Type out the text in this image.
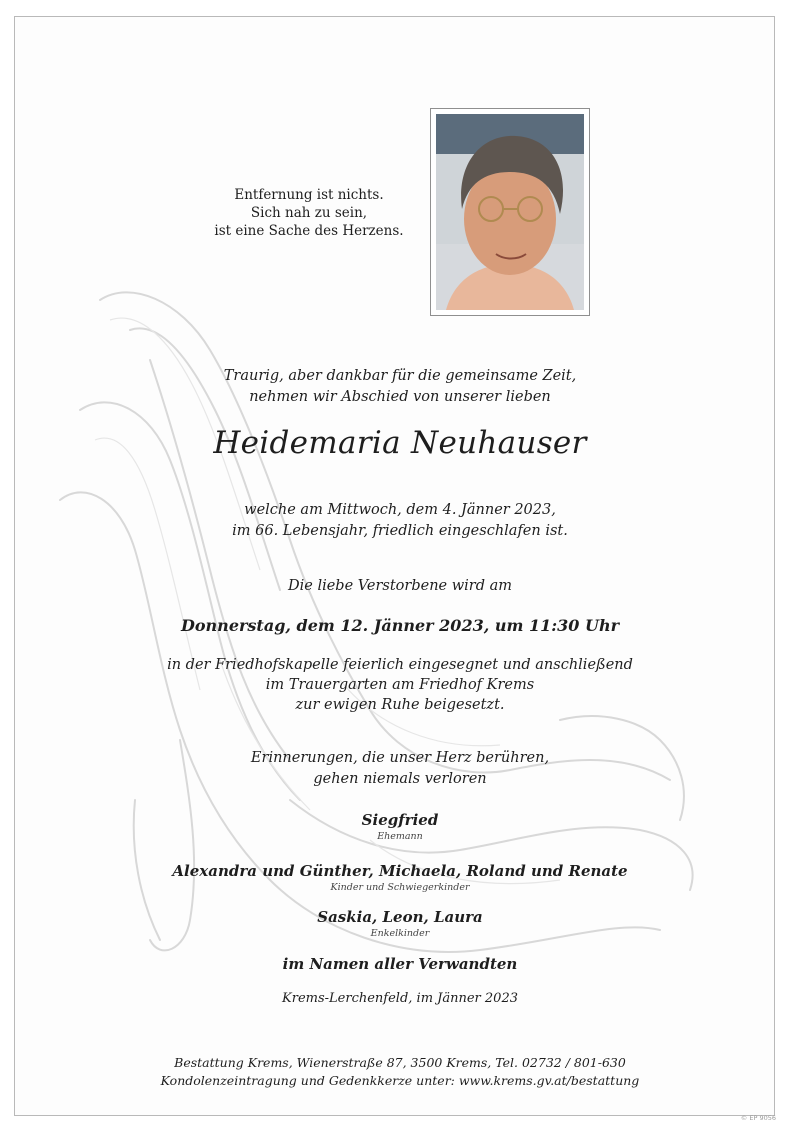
Entfernung ist nichts.
Sich nah zu sein,
ist eine Sache des Herzens.
Traurig, aber dankbar für die gemeinsame Zeit,
nehmen wir Abschied von unserer lieben
Heidemaria Neuhauser
welche am Mittwoch, dem 4. Jänner 2023,
im 66. Lebensjahr, friedlich eingeschlafen ist.
Die liebe Verstorbene wird am
Donnerstag, dem 12. Jänner 2023, um 11:30 Uhr
in der Friedhofskapelle feierlich eingesegnet und anschließend
im Trauergarten am Friedhof Krems
zur ewigen Ruhe beigesetzt.
Erinnerungen, die unser Herz berühren,
gehen niemals verloren
Siegfried
Ehemann
Alexandra und Günther, Michaela, Roland und Renate
Kinder und Schwiegerkinder
Saskia, Leon, Laura
Enkelkinder
im Namen aller Verwandten
Krems-Lerchenfeld, im Jänner 2023
Bestattung Krems, Wienerstraße 87, 3500 Krems, Tel. 02732 / 801-630
Kondolenzeintragung und Gedenkkerze unter: www.krems.gv.at/bestattung
© EP 9056
